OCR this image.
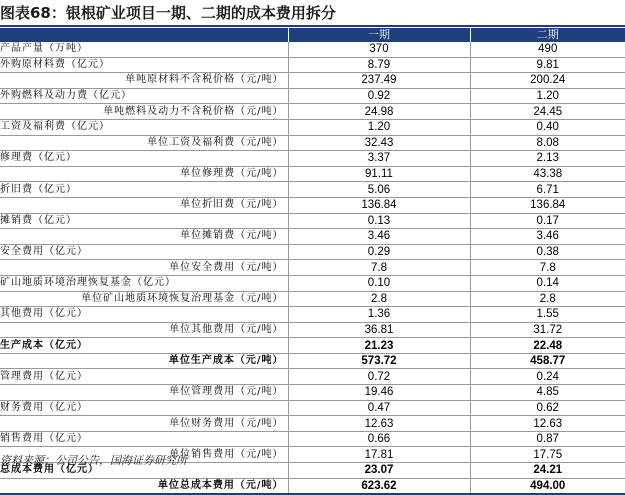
图表68：银根矿业项目一期、二期的成本费用拆分
	一期	二期
产品产量（万吨）	370	490
外购原材料费（亿元）	8.79	9.81
单吨原材料不含税价格（元/吨）	237.49	200.24
外购燃料及动力费（亿元）	0.92	1.20
单吨燃料及动力不含税价格（元/吨）	24.98	24.45
工资及福利费（亿元）	1.20	0.40
单位工资及福利费（元/吨）	32.43	8.08
修理费（亿元）	3.37	2.13
单位修理费（元/吨）	91.11	43.38
折旧费（亿元）	5.06	6.71
单位折旧费（元/吨）	136.84	136.84
摊销费（亿元）	0.13	0.17
单位摊销费（元/吨）	3.46	3.46
安全费用（亿元）	0.29	0.38
单位安全费用（元/吨）	7.8	7.8
矿山地质环境治理恢复基金（亿元）	0.10	0.14
单位矿山地质环境恢复治理基金（元/吨）	2.8	2.8
其他费用（亿元）	1.36	1.55
单位其他费用（元/吨）	36.81	31.72
生产成本（亿元）	21.23	22.48
单位生产成本（元/吨）	573.72	458.77
管理费用（亿元）	0.72	0.24
单位管理费用（元/吨）	19.46	4.85
财务费用（亿元）	0.47	0.62
单位财务费用（元/吨）	12.63	12.63
销售费用（亿元）	0.66	0.87
单位销售费用（元/吨）	17.81	17.75
总成本费用（亿元）	23.07	24.21
单位总成本费用（元/吨）	623.62	494.00
资料来源：公司公告，国海证券研究所
